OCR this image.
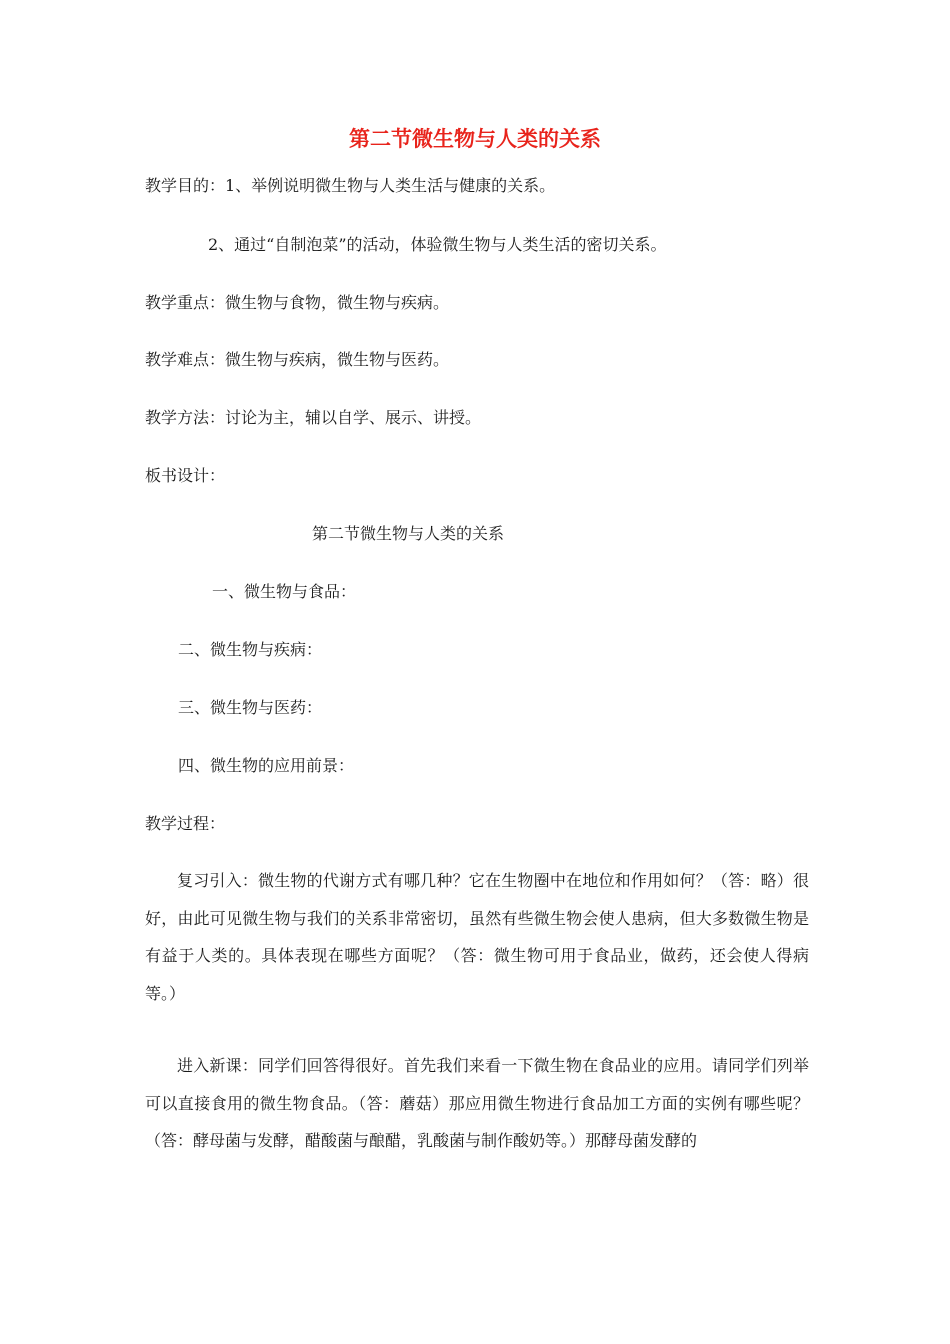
第二节微生物与人类的关系
教学目的：1、举例说明微生物与人类生活与健康的关系。
2、通过“自制泡菜”的活动，体验微生物与人类生活的密切关系。
教学重点：微生物与食物，微生物与疾病。
教学难点：微生物与疾病，微生物与医药。
教学方法：讨论为主，辅以自学、展示、讲授。
板书设计：
第二节微生物与人类的关系
一、微生物与食品：
二、微生物与疾病：
三、微生物与医药：
四、微生物的应用前景：
教学过程：
复习引入：微生物的代谢方式有哪几种？它在生物圈中在地位和作用如何？（答：略）很好，由此可见微生物与我们的关系非常密切，虽然有些微生物会使人患病，但大多数微生物是有益于人类的。具体表现在哪些方面呢？（答：微生物可用于食品业，做药，还会使人得病等。）
进入新课：同学们回答得很好。首先我们来看一下微生物在食品业的应用。请同学们列举可以直接食用的微生物食品。（答：蘑菇）那应用微生物进行食品加工方面的实例有哪些呢？（答：酵母菌与发酵，醋酸菌与酿醋，乳酸菌与制作酸奶等。）那酵母菌发酵的
